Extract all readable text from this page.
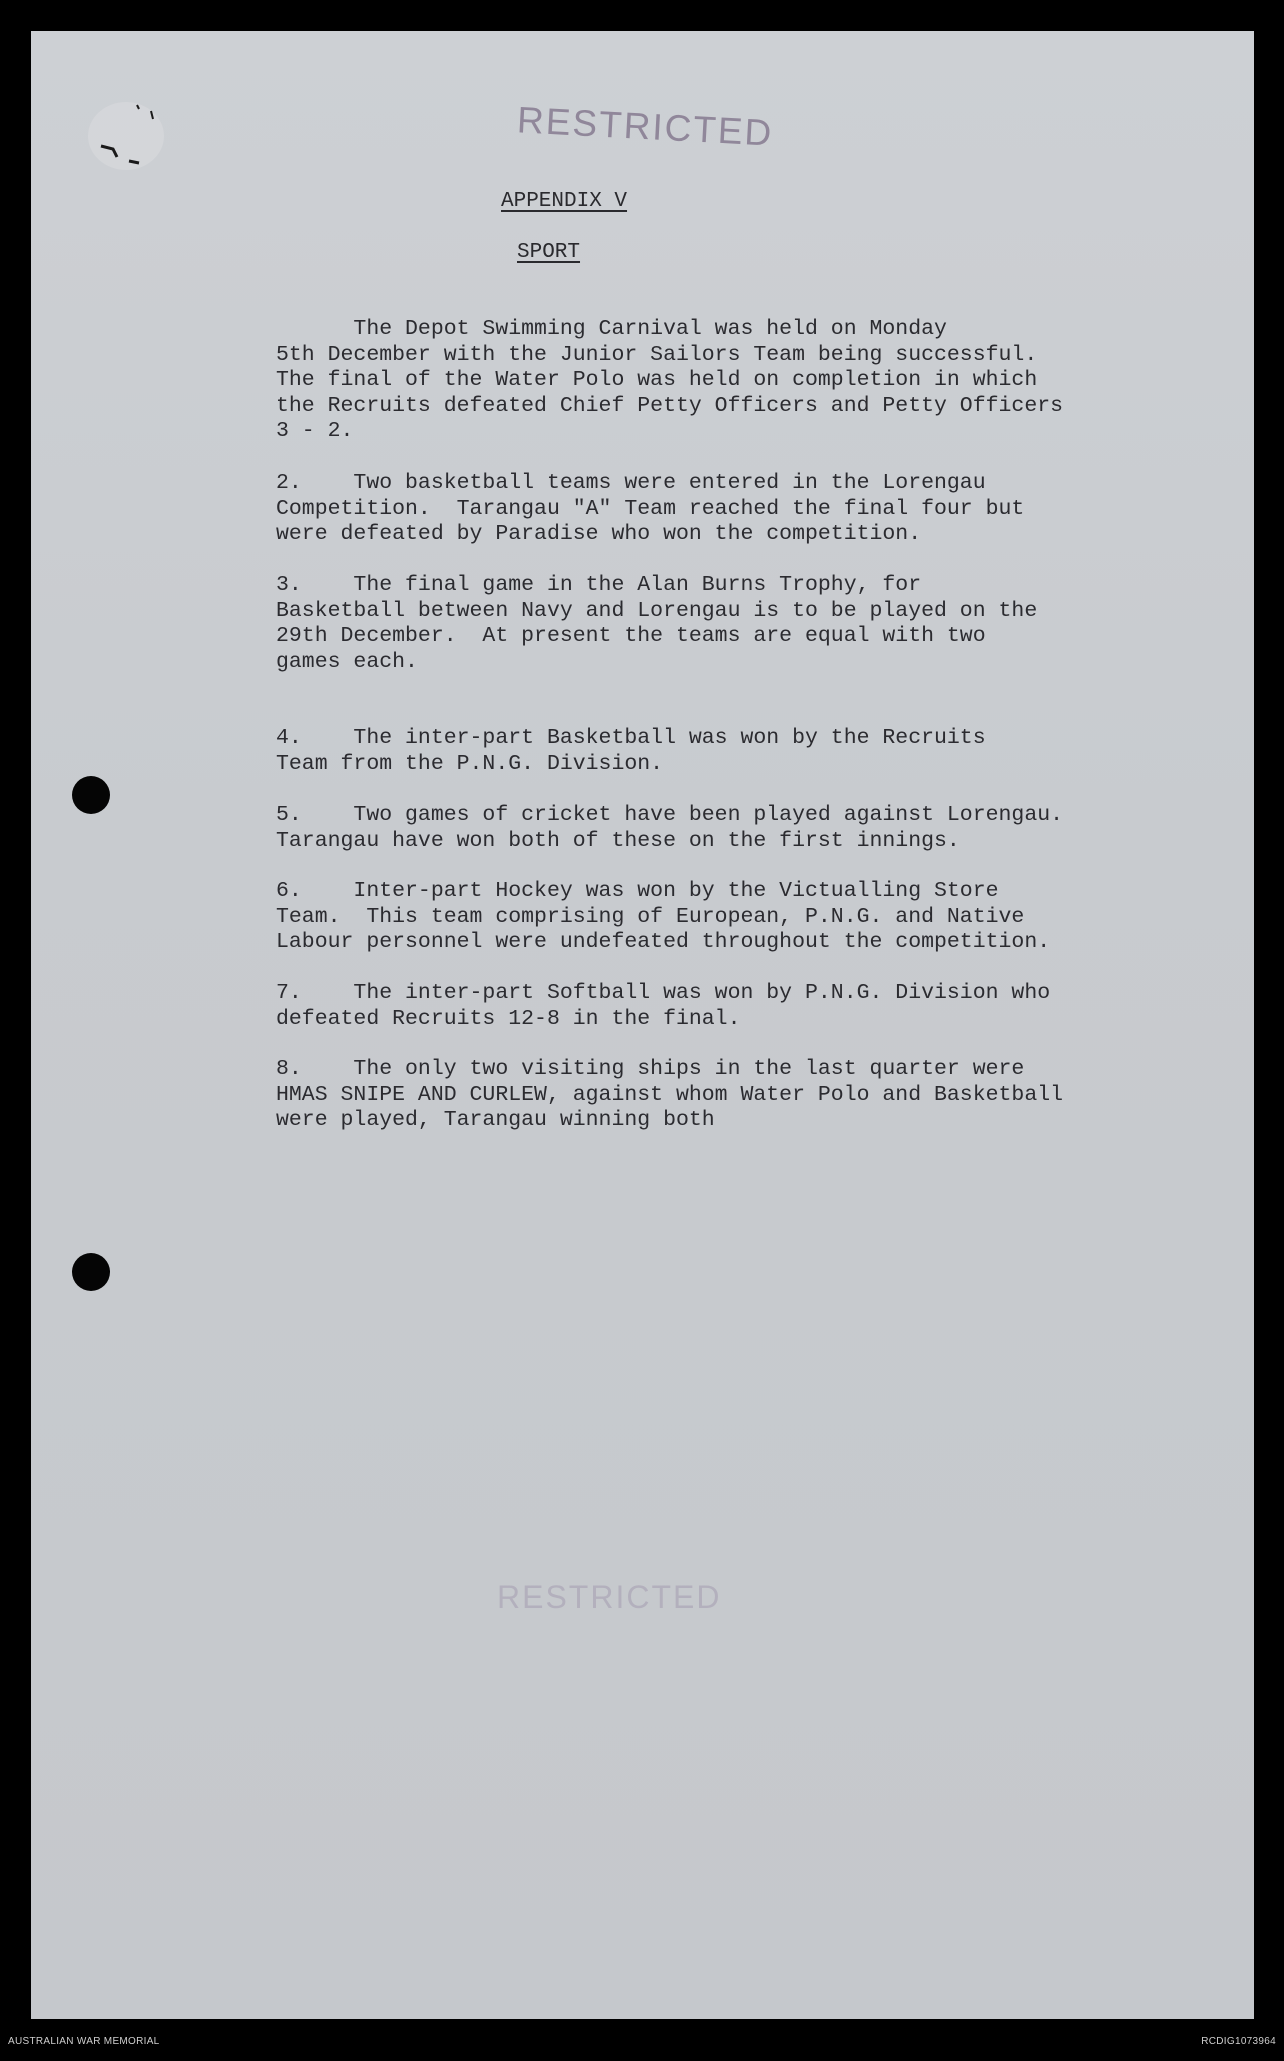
RESTRICTED
APPENDIX V
SPORT
The Depot Swimming Carnival was held on Monday
5th December with the Junior Sailors Team being successful.
The final of the Water Polo was held on completion in which
the Recruits defeated Chief Petty Officers and Petty Officers
3 - 2.
2.    Two basketball teams were entered in the Lorengau
Competition.  Tarangau "A" Team reached the final four but
were defeated by Paradise who won the competition.
3.    The final game in the Alan Burns Trophy, for
Basketball between Navy and Lorengau is to be played on the
29th December.  At present the teams are equal with two
games each.
4.    The inter-part Basketball was won by the Recruits
Team from the P.N.G. Division.
5.    Two games of cricket have been played against Lorengau.
Tarangau have won both of these on the first innings.
6.    Inter-part Hockey was won by the Victualling Store
Team.  This team comprising of European, P.N.G. and Native
Labour personnel were undefeated throughout the competition.
7.    The inter-part Softball was won by P.N.G. Division who
defeated Recruits 12-8 in the final.
8.    The only two visiting ships in the last quarter were
HMAS SNIPE AND CURLEW, against whom Water Polo and Basketball
were played, Tarangau winning both
RESTRICTED
AUSTRALIAN WAR MEMORIAL	RCDIG1073964
